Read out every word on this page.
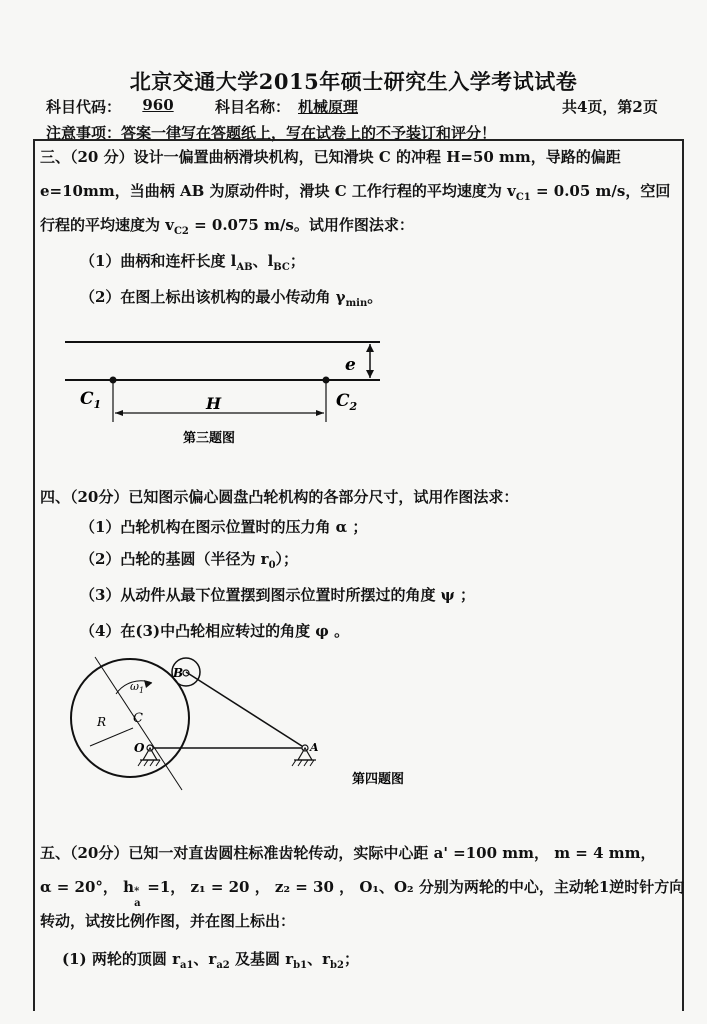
北京交通大学2015年硕士研究生入学考试试卷
科目代码：	960	科目名称： 机械原理	共4页，第2页
注意事项：答案一律写在答题纸上，写在试卷上的不予装订和评分！
三、（20 分）设计一偏置曲柄滑块机构，已知滑块 C 的冲程 H=50 mm，导路的偏距
e=10mm，当曲柄 AB 为原动件时，滑块 C 工作行程的平均速度为 $v_{C1} = 0.05$ m/s，空回
行程的平均速度为 $v_{C2} = 0.075$ m/s。试用作图法求：
（1）曲柄和连杆长度 $l_{AB}$、$l_{BC}$；
（2）在图上标出该机构的最小传动角 $\gamma_{min}$。
e
$C_1$	H	$C_2$
第三题图
四、（20分）已知图示偏心圆盘凸轮机构的各部分尺寸，试用作图法求：
（1）凸轮机构在图示位置时的压力角 α ；
（2）凸轮的基圆（半径为 $r_0$）；
（3）从动件从最下位置摆到图示位置时所摆过的角度 ψ ；
（4）在(3)中凸轮相应转过的角度 φ 。
B
$\omega_1$
R C
O	A
第四题图
五、（20分）已知一对直齿圆柱标准齿轮传动，实际中心距 a' =100 mm， m = 4 mm，
α = 20°， h *
a
=1， z₁ = 20 ， z₂ = 30 ， O₁、O₂ 分别为两轮的中心，主动轮1逆时针方向
转动，试按比例作图，并在图上标出：
(1) 两轮的顶圆 $r_{a1}$、$r_{a2}$ 及基圆 $r_{b1}$、$r_{b2}$；
